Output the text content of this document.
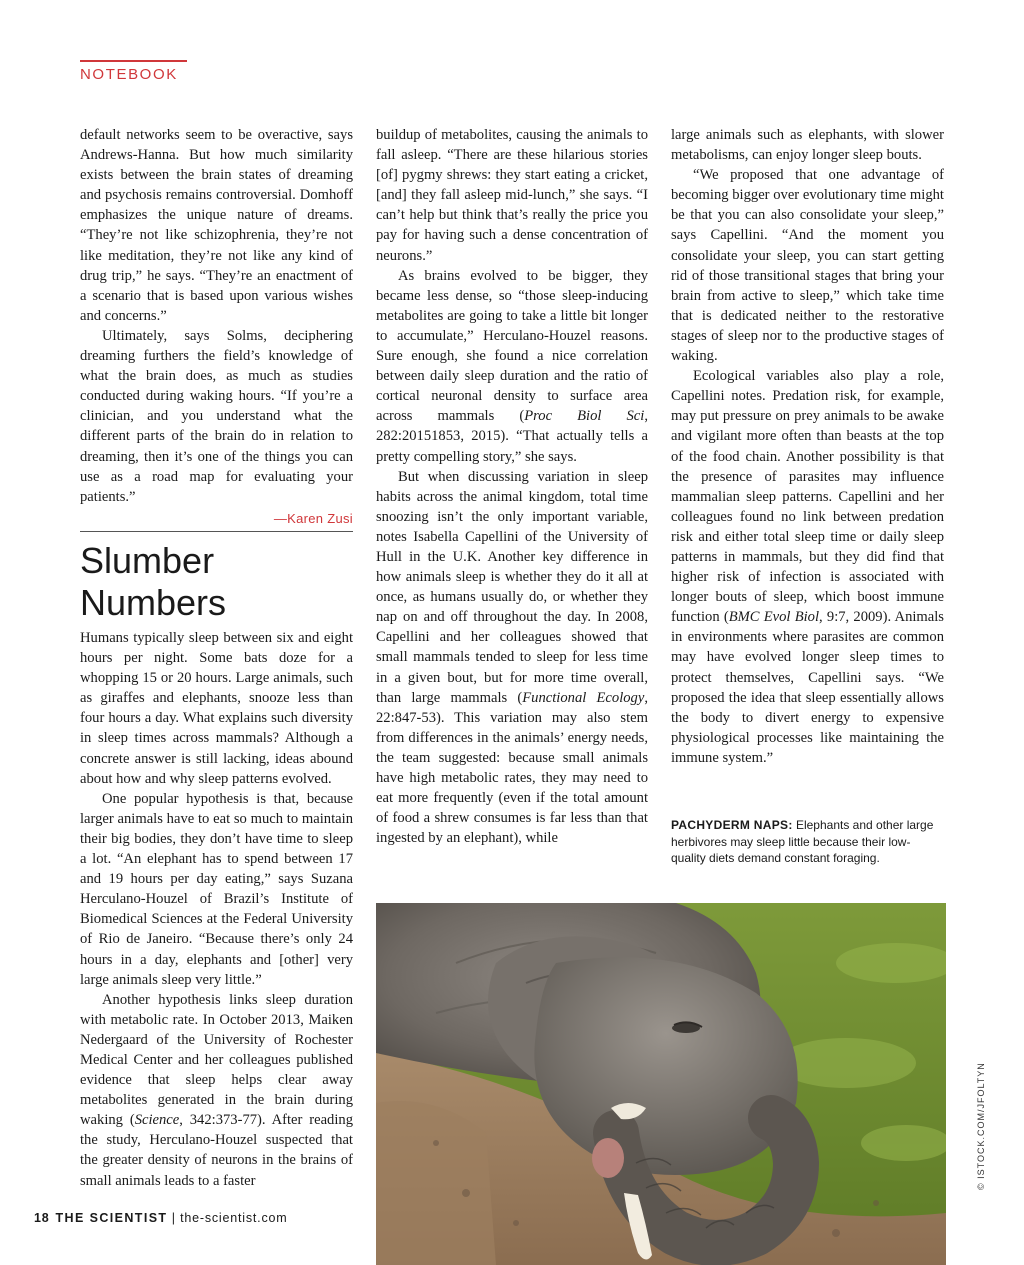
NOTEBOOK

default networks seem to be overactive, says Andrews-Hanna. But how much similarity exists between the brain states of dreaming and psychosis remains controversial. Domhoff emphasizes the unique nature of dreams. “They’re not like schizophrenia, they’re not like meditation, they’re not like any kind of drug trip,” he says. “They’re an enactment of a scenario that is based upon various wishes and concerns.”

Ultimately, says Solms, deciphering dreaming furthers the field’s knowledge of what the brain does, as much as studies conducted during waking hours. “If you’re a clinician, and you understand what the different parts of the brain do in relation to dreaming, then it’s one of the things you can use as a road map for evaluating your patients.”

—Karen Zusi
Slumber Numbers

Humans typically sleep between six and eight hours per night. Some bats doze for a whopping 15 or 20 hours. Large animals, such as giraffes and elephants, snooze less than four hours a day. What explains such diversity in sleep times across mammals? Although a concrete answer is still lacking, ideas abound about how and why sleep patterns evolved.

One popular hypothesis is that, because larger animals have to eat so much to maintain their big bodies, they don’t have time to sleep a lot. “An elephant has to spend between 17 and 19 hours per day eating,” says Suzana Herculano-Houzel of Brazil’s Institute of Biomedical Sciences at the Federal University of Rio de Janeiro. “Because there’s only 24 hours in a day, elephants and [other] very large animals sleep very little.”

Another hypothesis links sleep duration with metabolic rate. In October 2013, Maiken Nedergaard of the University of Rochester Medical Center and her colleagues published evidence that sleep helps clear away metabolites generated in the brain during waking (Science, 342:373-77). After reading the study, Herculano-Houzel suspected that the greater density of neurons in the brains of small animals leads to a faster

buildup of metabolites, causing the animals to fall asleep. “There are these hilarious stories [of] pygmy shrews: they start eating a cricket, [and] they fall asleep mid-lunch,” she says. “I can’t help but think that’s really the price you pay for having such a dense concentration of neurons.”

As brains evolved to be bigger, they became less dense, so “those sleep-inducing metabolites are going to take a little bit longer to accumulate,” Herculano-Houzel reasons. Sure enough, she found a nice correlation between daily sleep duration and the ratio of cortical neuronal density to surface area across mammals (Proc Biol Sci, 282:20151853, 2015). “That actually tells a pretty compelling story,” she says.

But when discussing variation in sleep habits across the animal kingdom, total time snoozing isn’t the only important variable, notes Isabella Capellini of the University of Hull in the U.K. Another key difference in how animals sleep is whether they do it all at once, as humans usually do, or whether they nap on and off throughout the day. In 2008, Capellini and her colleagues showed that small mammals tended to sleep for less time in a given bout, but for more time overall, than large mammals (Functional Ecology, 22:847-53). This variation may also stem from differences in the animals’ energy needs, the team suggested: because small animals have high metabolic rates, they may need to eat more frequently (even if the total amount of food a shrew consumes is far less than that ingested by an elephant), while

large animals such as elephants, with slower metabolisms, can enjoy longer sleep bouts.

“We proposed that one advantage of becoming bigger over evolutionary time might be that you can also consolidate your sleep,” says Capellini. “And the moment you consolidate your sleep, you can start getting rid of those transitional stages that bring your brain from active to sleep,” which take time that is dedicated neither to the restorative stages of sleep nor to the productive stages of waking.

Ecological variables also play a role, Capellini notes. Predation risk, for example, may put pressure on prey animals to be awake and vigilant more often than beasts at the top of the food chain. Another possibility is that the presence of parasites may influence mammalian sleep patterns. Capellini and her colleagues found no link between predation risk and either total sleep time or daily sleep patterns in mammals, but they did find that higher risk of infection is associated with longer bouts of sleep, which boost immune function (BMC Evol Biol, 9:7, 2009). Animals in environments where parasites are common may have evolved longer sleep times to protect themselves, Capellini says. “We proposed the idea that sleep essentially allows the body to divert energy to expensive physiological processes like maintaining the immune system.”

PACHYDERM NAPS: Elephants and other large herbivores may sleep little because their low-quality diets demand constant foraging.
© ISTOCK.COM/JFOLTYN
18 THE SCIENTIST | the-scientist.com
